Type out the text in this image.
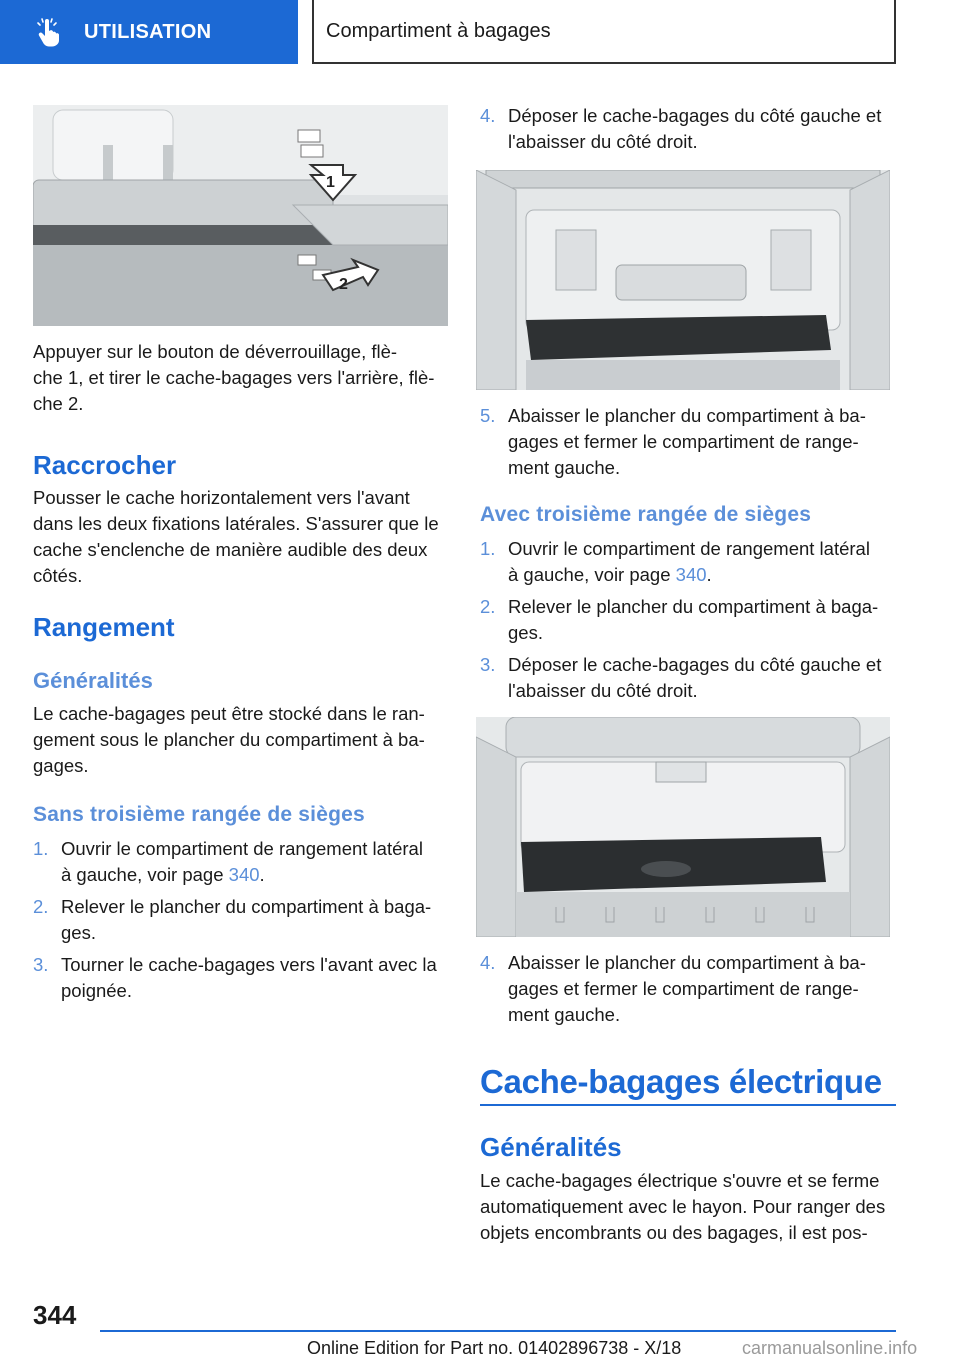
UTILISATION	Compartiment à bagages
1
2
Appuyer sur le bouton de déverrouillage, flè-
che 1, et tirer le cache-bagages vers l'arrière, flè-
che 2.
Raccrocher
Pousser le cache horizontalement vers l'avant
dans les deux fixations latérales. S'assurer que le
cache s'enclenche de manière audible des deux
côtés.
Rangement
Généralités
Le cache-bagages peut être stocké dans le ran-
gement sous le plancher du compartiment à ba-
gages.
Sans troisième rangée de sièges
1. Ouvrir le compartiment de rangement latéral
à gauche, voir page 340.
2. Relever le plancher du compartiment à baga-
ges.
3. Tourner le cache-bagages vers l'avant avec la
poignée.
4. Déposer le cache-bagages du côté gauche et
l'abaisser du côté droit.
5. Abaisser le plancher du compartiment à ba-
gages et fermer le compartiment de range-
ment gauche.
Avec troisième rangée de sièges
1. Ouvrir le compartiment de rangement latéral
à gauche, voir page 340.
2. Relever le plancher du compartiment à baga-
ges.
3. Déposer le cache-bagages du côté gauche et
l'abaisser du côté droit.
4. Abaisser le plancher du compartiment à ba-
gages et fermer le compartiment de range-
ment gauche.
Cache-bagages électrique
Généralités
Le cache-bagages électrique s'ouvre et se ferme
automatiquement avec le hayon. Pour ranger des
objets encombrants ou des bagages, il est pos-
344
Online Edition for Part no. 01402896738 - X/18	carmanualsonline.info
